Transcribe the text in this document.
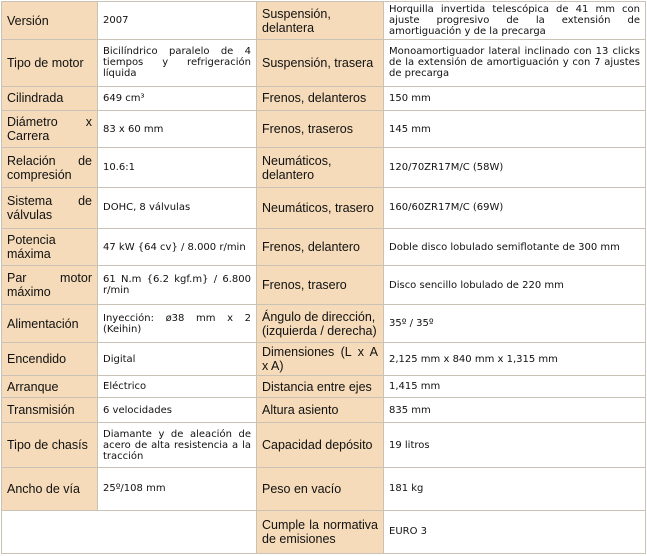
Versión	2007	Suspensión, delantera	Horquilla invertida telescópica de 41 mm con ajuste progresivo de la extensión de amortiguación y de la precarga
Tipo de motor	Bicilíndrico paralelo de 4 tiempos y refrigeración líquida	Suspensión, trasera	Monoamortiguador lateral inclinado con 13 clicks de la extensión de amortiguación y con 7 ajustes de precarga
Cilindrada	649 cm³	Frenos, delanteros	150 mm
Diámetro x Carrera	83 x 60 mm	Frenos, traseros	145 mm
Relación de compresión	10.6:1	Neumáticos, delantero	120/70ZR17M/C (58W)
Sistema de válvulas	DOHC, 8 válvulas	Neumáticos, trasero	160/60ZR17M/C (69W)
Potencia máxima	47 kW {64 cv} / 8.000 r/min	Frenos, delantero	Doble disco lobulado semiflotante de 300 mm
Par motor máximo	61 N.m {6.2 kgf.m} / 6.800 r/min	Frenos, trasero	Disco sencillo lobulado de 220 mm
Alimentación	Inyección: ø38 mm x 2 (Keihin)	Ángulo de dirección, (izquierda / derecha)	35º / 35º
Encendido	Digital	Dimensiones (L x A x A)	2,125 mm x 840 mm x 1,315 mm
Arranque	Eléctrico	Distancia entre ejes	1,415 mm
Transmisión	6 velocidades	Altura asiento	835 mm
Tipo de chasís	Diamante y de aleación de acero de alta resistencia a la tracción	Capacidad depósito	19 litros
Ancho de vía	25º/108 mm	Peso en vacío	181 kg
		Cumple la normativa de emisiones	EURO 3
